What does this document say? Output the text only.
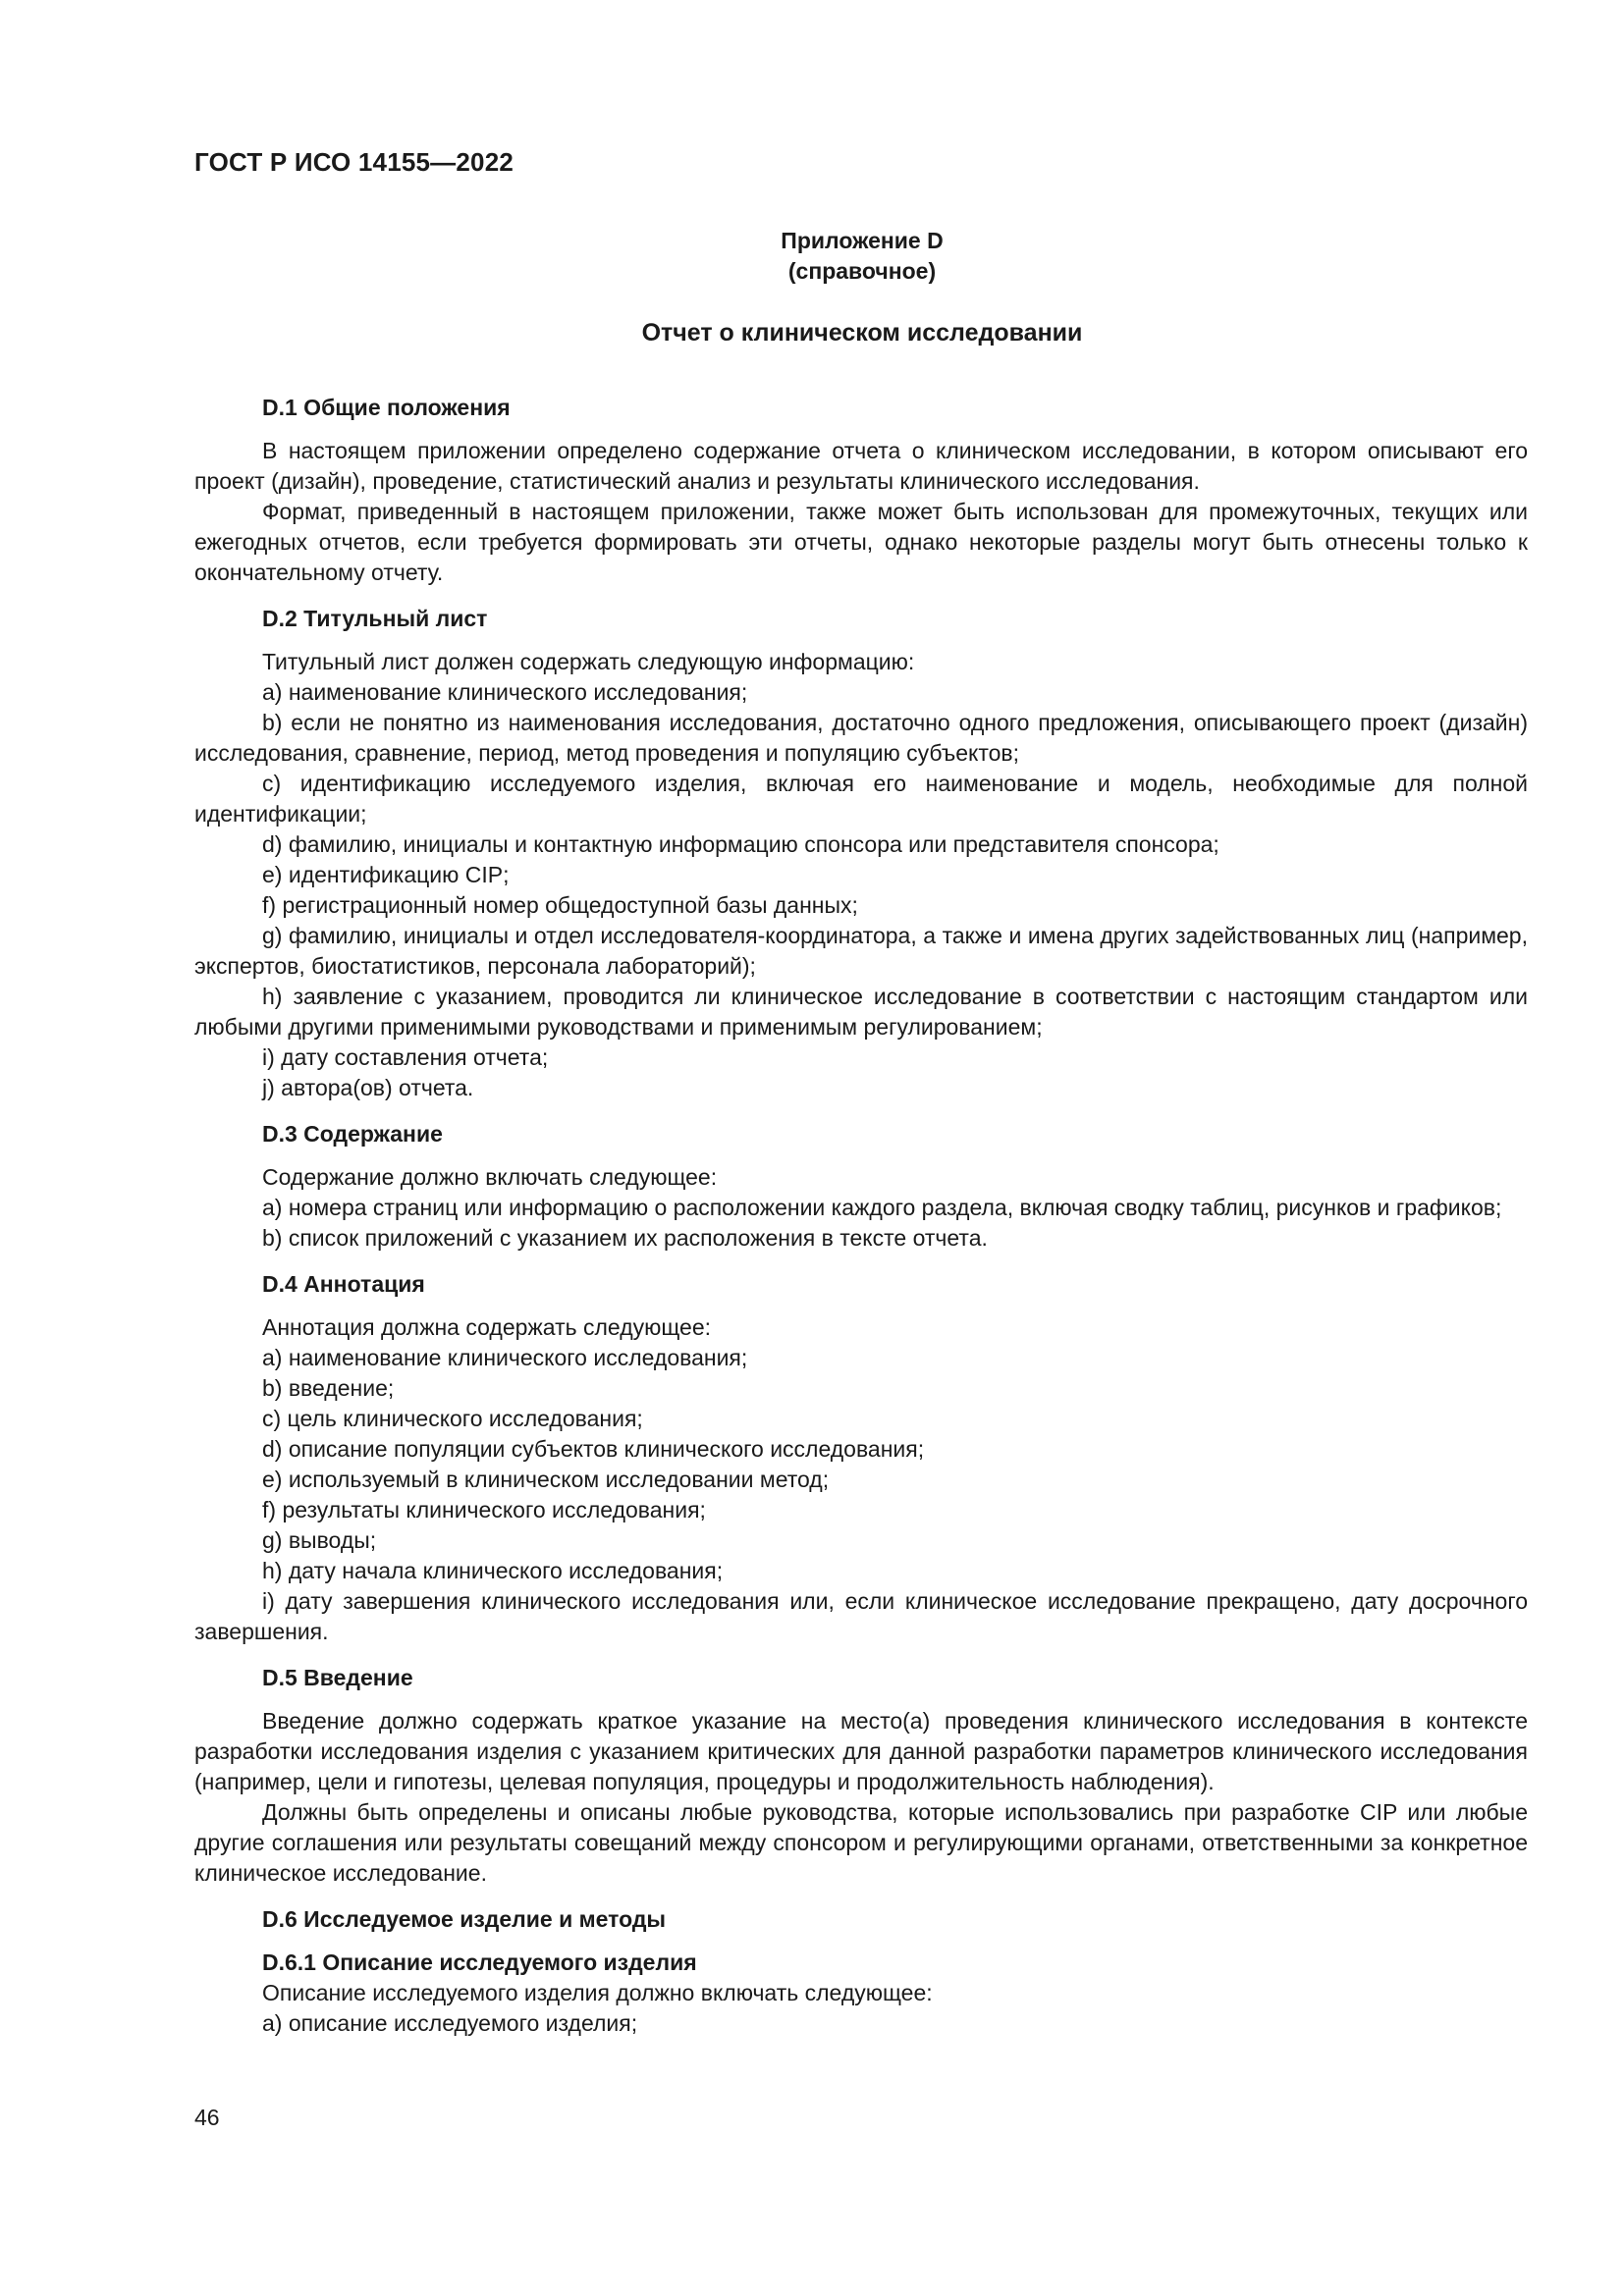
ГОСТ Р ИСО 14155—2022
Приложение D
(справочное)
Отчет о клиническом исследовании

D.1 Общие положения

В настоящем приложении определено содержание отчета о клиническом исследовании, в котором описывают его проект (дизайн), проведение, статистический анализ и результаты клинического исследования.

Формат, приведенный в настоящем приложении, также может быть использован для промежуточных, текущих или ежегодных отчетов, если требуется формировать эти отчеты, однако некоторые разделы могут быть отнесены только к окончательному отчету.

D.2 Титульный лист

Титульный лист должен содержать следующую информацию:

a) наименование клинического исследования;

b) если не понятно из наименования исследования, достаточно одного предложения, описывающего проект (дизайн) исследования, сравнение, период, метод проведения и популяцию субъектов;

c) идентификацию исследуемого изделия, включая его наименование и модель, необходимые для полной идентификации;

d) фамилию, инициалы и контактную информацию спонсора или представителя спонсора;

e) идентификацию CIP;

f) регистрационный номер общедоступной базы данных;

g) фамилию, инициалы и отдел исследователя-координатора, а также и имена других задействованных лиц (например, экспертов, биостатистиков, персонала лабораторий);

h) заявление с указанием, проводится ли клиническое исследование в соответствии с настоящим стандартом или любыми другими применимыми руководствами и применимым регулированием;

i) дату составления отчета;

j) автора(ов) отчета.

D.3 Содержание

Содержание должно включать следующее:

a) номера страниц или информацию о расположении каждого раздела, включая сводку таблиц, рисунков и графиков;

b) список приложений с указанием их расположения в тексте отчета.

D.4 Аннотация

Аннотация должна содержать следующее:

a) наименование клинического исследования;

b) введение;

c) цель клинического исследования;

d) описание популяции субъектов клинического исследования;

e) используемый в клиническом исследовании метод;

f) результаты клинического исследования;

g) выводы;

h) дату начала клинического исследования;

i) дату завершения клинического исследования или, если клиническое исследование прекращено, дату досрочного завершения.

D.5 Введение

Введение должно содержать краткое указание на место(а) проведения клинического исследования в контексте разработки исследования изделия с указанием критических для данной разработки параметров клинического исследования (например, цели и гипотезы, целевая популяция, процедуры и продолжительность наблюдения).

Должны быть определены и описаны любые руководства, которые использовались при разработке CIP или любые другие соглашения или результаты совещаний между спонсором и регулирующими органами, ответственными за конкретное клиническое исследование.

D.6 Исследуемое изделие и методы

D.6.1 Описание исследуемого изделия

Описание исследуемого изделия должно включать следующее:

a) описание исследуемого изделия;

46
